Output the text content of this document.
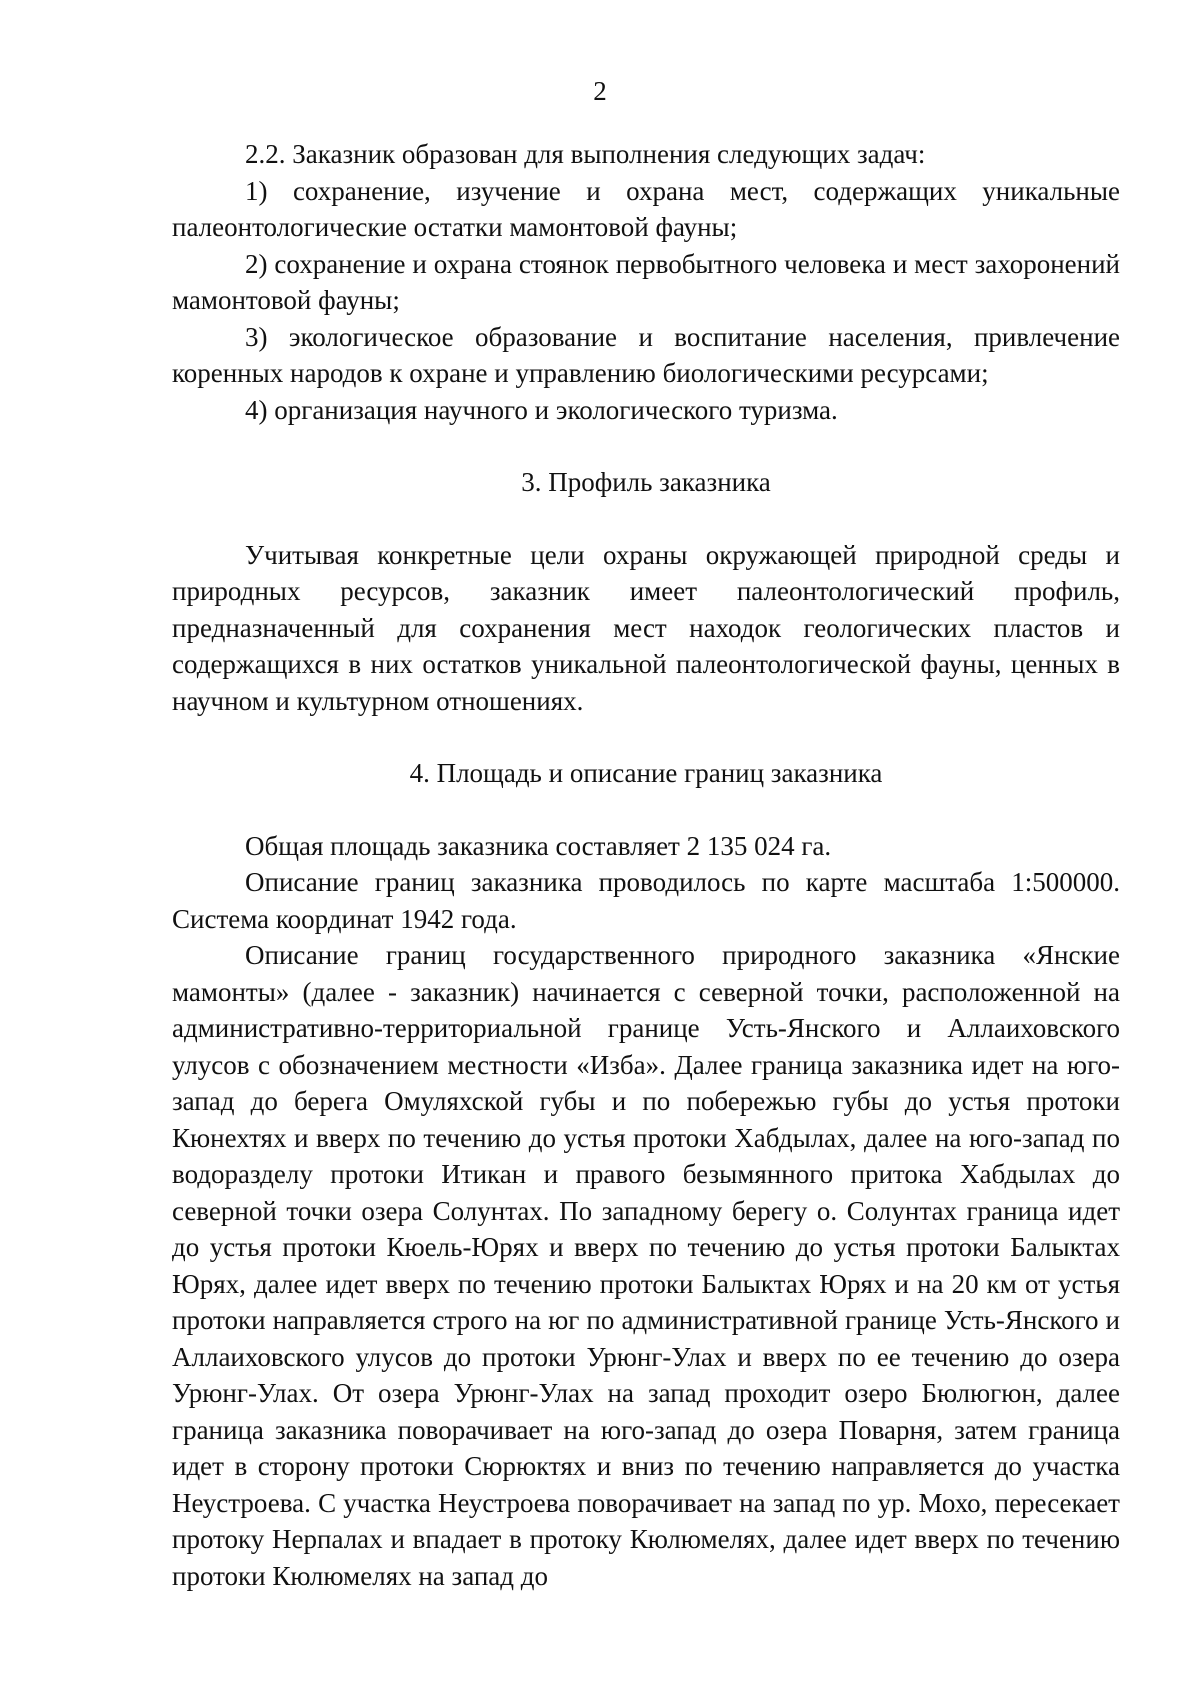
2

2.2. Заказник образован для выполнения следующих задач:

1) сохранение, изучение и охрана мест, содержащих уникальные палеонтологические остатки мамонтовой фауны;

2) сохранение и охрана стоянок первобытного человека и мест захоронений мамонтовой фауны;

3) экологическое образование и воспитание населения, привлечение коренных народов к охране и управлению биологическими ресурсами;

4) организация научного и экологического туризма.

3. Профиль заказника

Учитывая конкретные цели охраны окружающей природной среды и природных ресурсов, заказник имеет палеонтологический профиль, предназначенный для сохранения мест находок геологических пластов и содержащихся в них остатков уникальной палеонтологической фауны, ценных в научном и культурном отношениях.

4. Площадь и описание границ заказника

Общая площадь заказника составляет 2 135 024 га.

Описание границ заказника проводилось по карте масштаба 1:500000. Система координат 1942 года.

Описание границ государственного природного заказника «Янские мамонты» (далее - заказник) начинается с северной точки, расположенной на административно-территориальной границе Усть-Янского и Аллаиховского улусов с обозначением местности «Изба». Далее граница заказника идет на юго-запад до берега Омуляхской губы и по побережью губы до устья протоки Кюнехтях и вверх по течению до устья протоки Хабдылах, далее на юго-запад по водоразделу протоки Итикан и правого безымянного притока Хабдылах до северной точки озера Солунтах. По западному берегу о. Солунтах граница идет до устья протоки Кюель-Юрях и вверх по течению до устья протоки Балыктах Юрях, далее идет вверх по течению протоки Балыктах Юрях и на 20 км от устья протоки направляется строго на юг по административной границе Усть-Янского и Аллаиховского улусов до протоки Урюнг-Улах и вверх по ее течению до озера Урюнг-Улах. От озера Урюнг-Улах на запад проходит озеро Бюлюгюн, далее граница заказника поворачивает на юго-запад до озера Поварня, затем граница идет в сторону протоки Сюрюктях и вниз по течению направляется до участка Неустроева. С участка Неустроева поворачивает на запад по ур. Мохо, пересекает протоку Нерпалах и впадает в протоку Кюлюмелях, далее идет вверх по течению протоки Кюлюмелях на запад до
